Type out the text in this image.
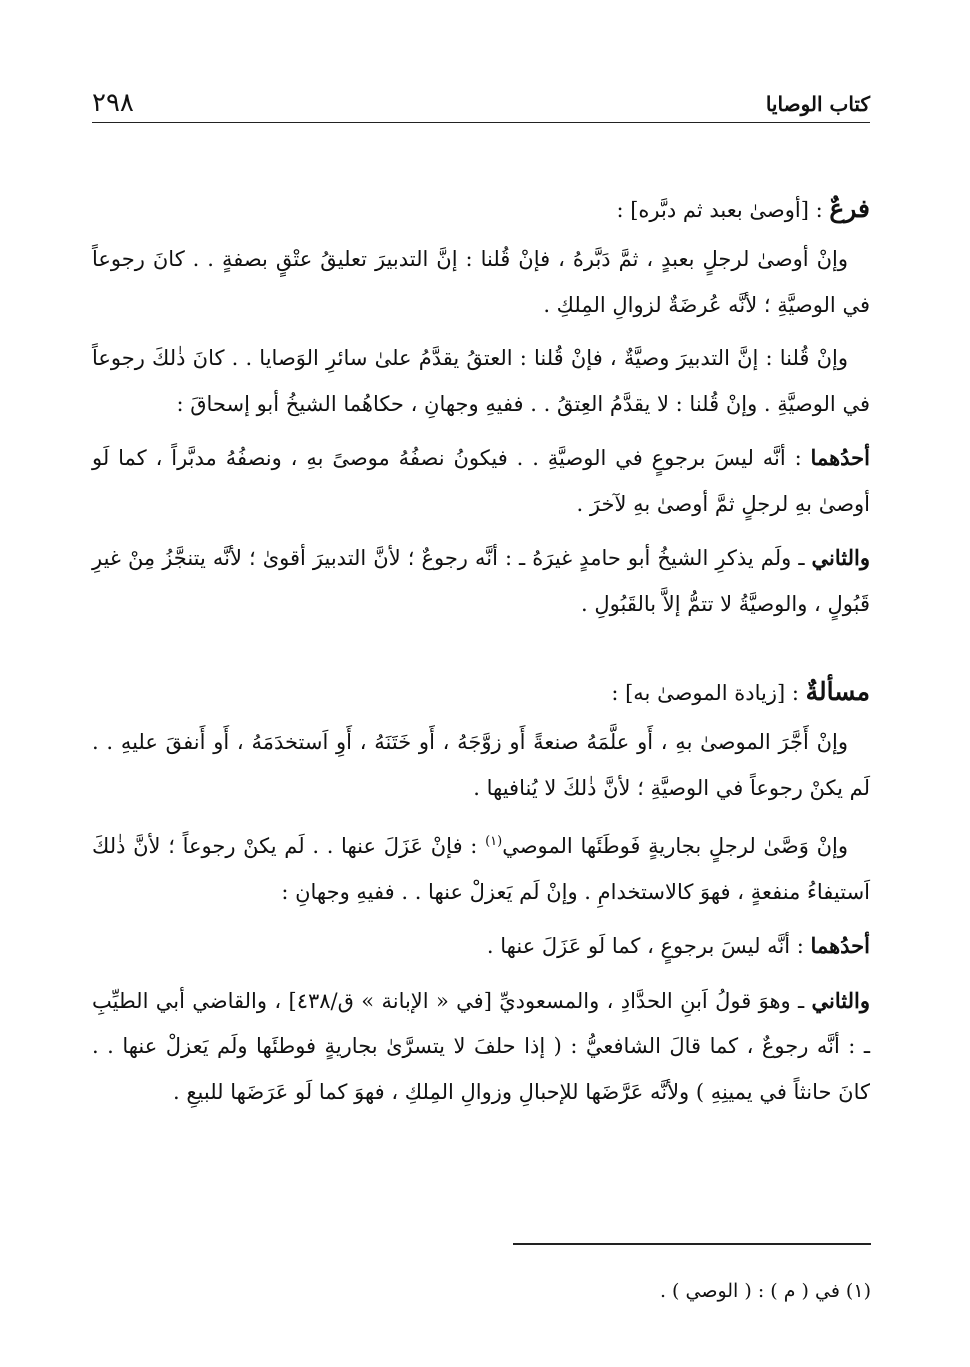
كتاب الوصايا
٢٩٨

فرعٌ : [أوصىٰ بعبد ثم دبَّره] :

وإنْ أوصىٰ لرجلٍ بعبدٍ ، ثمَّ دَبَّرهُ ، فإنْ قُلنا : إنَّ التدبيرَ تعليقُ عتْقٍ بصفةٍ . . كانَ رجوعاً في الوصيَّةِ ؛ لأنَّه عُرضَةٌ لزوالِ المِلكِ .

وإنْ قُلنا : إنَّ التدبيرَ وصيَّةٌ ، فإنْ قُلنا : العتقُ يقدَّمُ علىٰ سائرِ الوَصايا . . كانَ ذٰلكَ رجوعاً في الوصيَّةِ . وإنْ قُلنا : لا يقدَّمُ العِتقُ . . ففيهِ وجهانِ ، حكاهُما الشيخُ أبو إسحاقَ :

أحدُهما : أنَّه ليسَ برجوعٍ في الوصيَّةِ . . فيكونُ نصفُهُ موصىً بهِ ، ونصفُهُ مدبَّراً ، كما لَو أوصىٰ بهِ لرجلٍ ثمَّ أوصىٰ بهِ لآخرَ .

والثاني ـ ولَم يذكرِ الشيخُ أبو حامدٍ غيرَهُ ـ : أنَّه رجوعٌ ؛ لأنَّ التدبيرَ أقوىٰ ؛ لأنَّه يتنجَّزُ مِنْ غيرِ قَبُولٍ ، والوصيَّةُ لا تتمُّ إلاَّ بالقَبُولِ .

مسألةٌ : [زيادة الموصىٰ به] :

وإنْ أَجَّرَ الموصىٰ بهِ ، أَو علَّمَهُ صنعةً أَو زوَّجَهُ ، أَو خَتَنَهُ ، أَوِ اَستخدَمَهُ ، أَو أَنفقَ عليهِ . . لَم يكنْ رجوعاً في الوصيَّةِ ؛ لأنَّ ذٰلكَ لا يُنافيها .

وإنْ وَصَّىٰ لرجلٍ بجاريةٍ فَوطَئَها الموصي$^{(١)}$ : فإنْ عَزَلَ عنها . . لَم يكنْ رجوعاً ؛ لأنَّ ذٰلكَ اَستيفاءُ منفعةٍ ، فهوَ كالاستخدامِ . وإنْ لَم يَعزلْ عنها . . ففيهِ وجهانِ :

أحدُهما : أنَّه ليسَ برجوعٍ ، كما لَو عَزَلَ عنها .

والثاني ـ وهوَ قولُ اَبنِ الحدَّادِ ، والمسعوديِّ [في « الإبانة » ق/٤٣٨] ، والقاضي أبي الطيِّبِ ـ : أنَّه رجوعٌ ، كما قالَ الشافعيُّ : ( إذا حلفَ لا يتسرَّىٰ بجاريةٍ فوطئَها ولَم يَعزلْ عنها . . كانَ حانثاً في يمينِهِ ) ولأنَّه عَرَّضَها للإحبالِ وزوالِ المِلكِ ، فهوَ كما لَو عَرَضَها للبيعِ .

(١) في ( م ) : ( الوصي ) .
